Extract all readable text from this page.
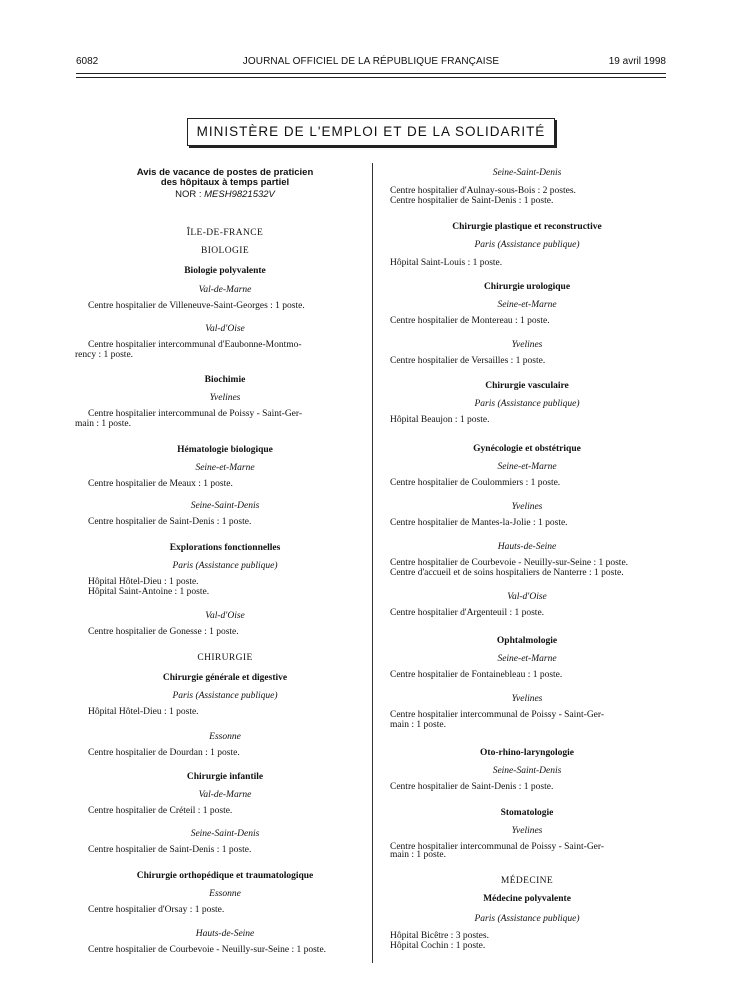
6082	JOURNAL OFFICIEL DE LA RÉPUBLIQUE FRANÇAISE	19 avril 1998
MINISTÈRE DE L'EMPLOI ET DE LA SOLIDARITÉ
Avis de vacance de postes de praticien
des hôpitaux à temps partiel
NOR : MESH9821532V
ÎLE-DE-FRANCE
BIOLOGIE
Biologie polyvalente
Val-de-Marne
Centre hospitalier de Villeneuve-Saint-Georges : 1 poste.
Val-d'Oise
Centre hospitalier intercommunal d'Eaubonne-Montmo-
rency : 1 poste.
Biochimie
Yvelines
Centre hospitalier intercommunal de Poissy - Saint-Ger-
main : 1 poste.
Hématologie biologique
Seine-et-Marne
Centre hospitalier de Meaux : 1 poste.
Seine-Saint-Denis
Centre hospitalier de Saint-Denis : 1 poste.
Explorations fonctionnelles
Paris (Assistance publique)
Hôpital Hôtel-Dieu : 1 poste.
Hôpital Saint-Antoine : 1 poste.
Val-d'Oise
Centre hospitalier de Gonesse : 1 poste.
CHIRURGIE
Chirurgie générale et digestive
Paris (Assistance publique)
Hôpital Hôtel-Dieu : 1 poste.
Essonne
Centre hospitalier de Dourdan : 1 poste.
Chirurgie infantile
Val-de-Marne
Centre hospitalier de Créteil : 1 poste.
Seine-Saint-Denis
Centre hospitalier de Saint-Denis : 1 poste.
Chirurgie orthopédique et traumatologique
Essonne
Centre hospitalier d'Orsay : 1 poste.
Hauts-de-Seine
Centre hospitalier de Courbevoie - Neuilly-sur-Seine : 1 poste.
Seine-Saint-Denis
Centre hospitalier d'Aulnay-sous-Bois : 2 postes.
Centre hospitalier de Saint-Denis : 1 poste.
Chirurgie plastique et reconstructive
Paris (Assistance publique)
Hôpital Saint-Louis : 1 poste.
Chirurgie urologique
Seine-et-Marne
Centre hospitalier de Montereau : 1 poste.
Yvelines
Centre hospitalier de Versailles : 1 poste.
Chirurgie vasculaire
Paris (Assistance publique)
Hôpital Beaujon : 1 poste.
Gynécologie et obstétrique
Seine-et-Marne
Centre hospitalier de Coulommiers : 1 poste.
Yvelines
Centre hospitalier de Mantes-la-Jolie : 1 poste.
Hauts-de-Seine
Centre hospitalier de Courbevoie - Neuilly-sur-Seine : 1 poste.
Centre d'accueil et de soins hospitaliers de Nanterre : 1 poste.
Val-d'Oise
Centre hospitalier d'Argenteuil : 1 poste.
Ophtalmologie
Seine-et-Marne
Centre hospitalier de Fontainebleau : 1 poste.
Yvelines
Centre hospitalier intercommunal de Poissy - Saint-Ger-
main : 1 poste.
Oto-rhino-laryngologie
Seine-Saint-Denis
Centre hospitalier de Saint-Denis : 1 poste.
Stomatologie
Yvelines
Centre hospitalier intercommunal de Poissy - Saint-Ger-
main : 1 poste.
MÉDECINE
Médecine polyvalente
Paris (Assistance publique)
Hôpital Bicêtre : 3 postes.
Hôpital Cochin : 1 poste.
